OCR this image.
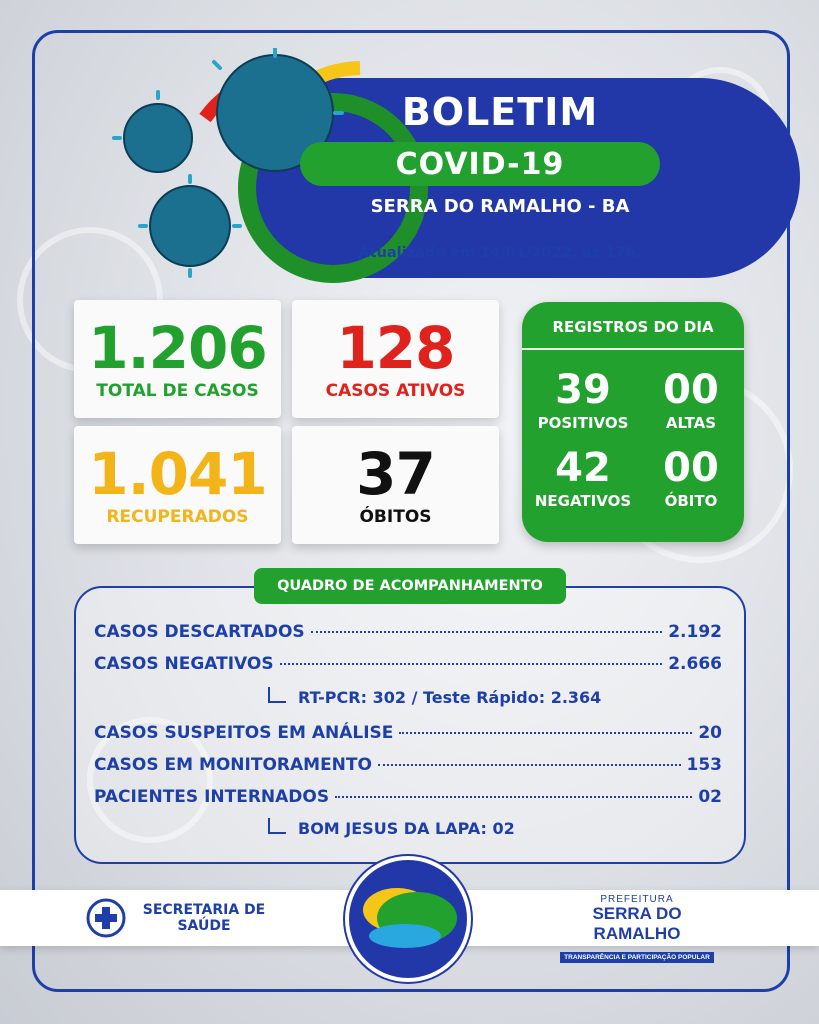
BOLETIM
COVID-19
SERRA DO RAMALHO - BA
Atualizado em 14/01/2022, às 17h.
1.206
TOTAL DE CASOS
128
CASOS ATIVOS
1.041
RECUPERADOS
37
ÓBITOS
REGISTROS DO DIA
39
POSITIVOS
00
ALTAS
42
NEGATIVOS
00
ÓBITO
QUADRO DE ACOMPANHAMENTO
CASOS DESCARTADOS	2.192
CASOS NEGATIVOS	2.666
RT-PCR:
302
/
Teste Rápido:
2.364
CASOS SUSPEITOS EM ANÁLISE	20
CASOS EM MONITORAMENTO	153
PACIENTES INTERNADOS	02
BOM JESUS DA LAPA:
02
SECRETARIA DE
SAÚDE
PREFEITURA
SERRA DO RAMALHO
TRANSPARÊNCIA E PARTICIPAÇÃO POPULAR
